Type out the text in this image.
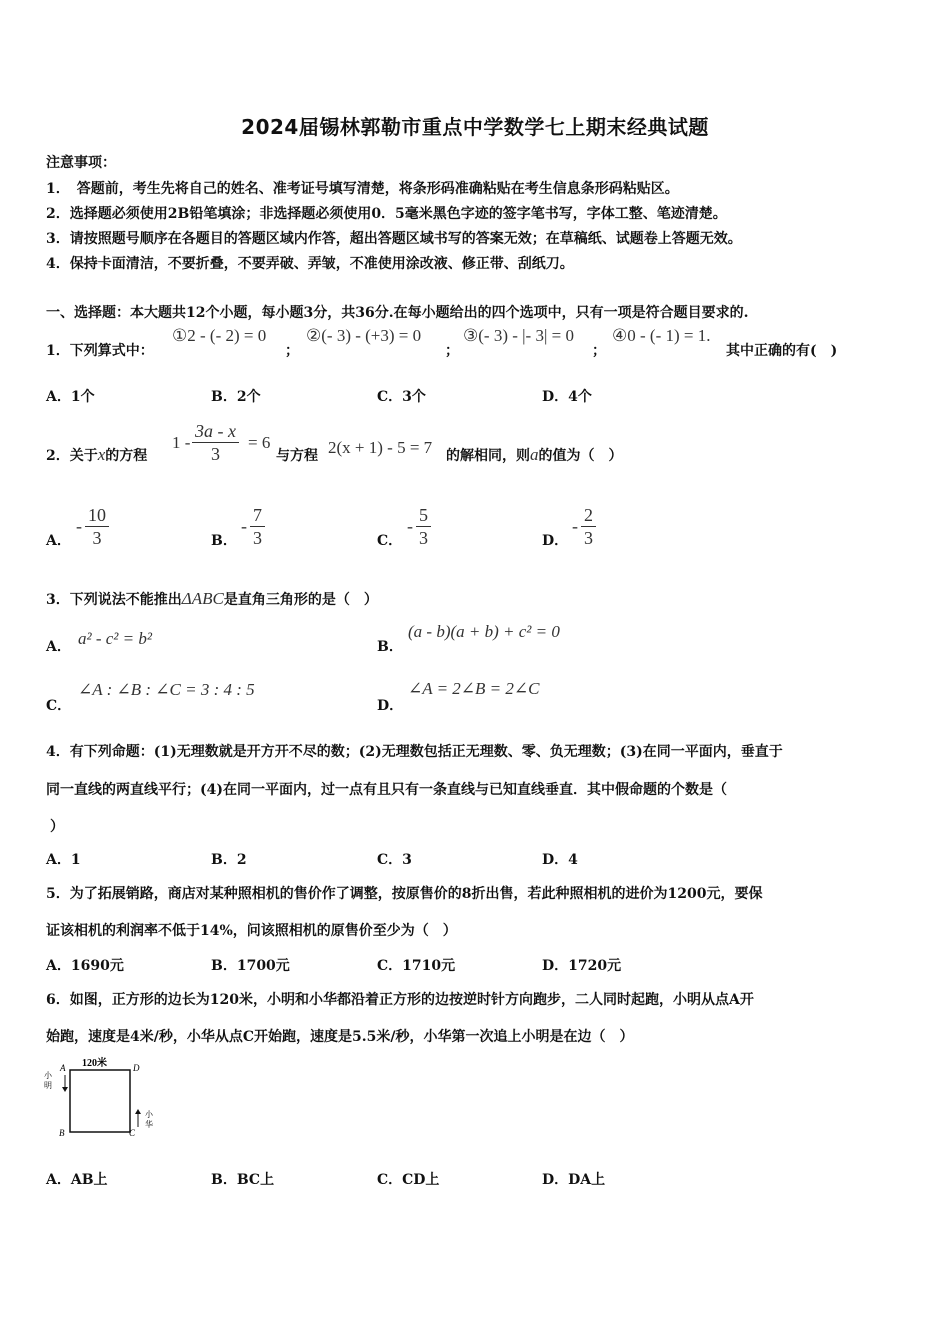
2024届锡林郭勒市重点中学数学七上期末经典试题
注意事项：
1．　答题前，考生先将自己的姓名、准考证号填写清楚，将条形码准确粘贴在考生信息条形码粘贴区。
2．选择题必须使用2B铅笔填涂；非选择题必须使用0．5毫米黑色字迹的签字笔书写，字体工整、笔迹清楚。
3．请按照题号顺序在各题目的答题区域内作答，超出答题区域书写的答案无效；在草稿纸、试题卷上答题无效。
4．保持卡面清洁，不要折叠，不要弄破、弄皱，不准使用涂改液、修正带、刮纸刀。
一、选择题：本大题共12个小题，每小题3分，共36分.在每小题给出的四个选项中，只有一项是符合题目要求的.
1．下列算式中：
①2 - (- 2) = 0
；
②(- 3) - (+3) = 0
；
③(- 3) - |- 3| = 0
；
④0 - (- 1) = 1.
其中正确的有(　)
A．1个	B．2个	C．3个	D．4个
2．关于x的方程
$1 - \frac{3a - x}{3} = 6$
与方程 2(x + 1) - 5 = 7 的解相同，则a的值为（　）
A．
- $\frac{10}{3}$	B．
- $\frac{7}{3}$	C．
- $\frac{5}{3}$	D．
- $\frac{2}{3}$
3．下列说法不能推出ΔABC是直角三角形的是（　）
A． a² - c² = b²	B．
(a - b)(a + b) + c² = 0
C．
∠A : ∠B : ∠C = 3 : 4 : 5
D．
∠A = 2∠B = 2∠C
4．有下列命题：(1)无理数就是开方开不尽的数；(2)无理数包括正无理数、零、负无理数；(3)在同一平面内，垂直于
同一直线的两直线平行；(4)在同一平面内，过一点有且只有一条直线与已知直线垂直．其中假命题的个数是（
）
A．1	B．2	C．3	D．4
5．为了拓展销路，商店对某种照相机的售价作了调整，按原售价的8折出售，若此种照相机的进价为1200元，要保
证该相机的利润率不低于14%，问该照相机的原售价至少为（　）
A．1690元	B．1700元	C．1710元	D．1720元
6．如图，正方形的边长为120米，小明和小华都沿着正方形的边按逆时针方向跑步，二人同时起跑，小明从点A开
始跑，速度是4米/秒，小华从点C开始跑，速度是5.5米/秒，小华第一次追上小明是在边（　）
120米
A	D
B	C
小
明
小
华
A．AB上	B．BC上	C．CD上	D．DA上
